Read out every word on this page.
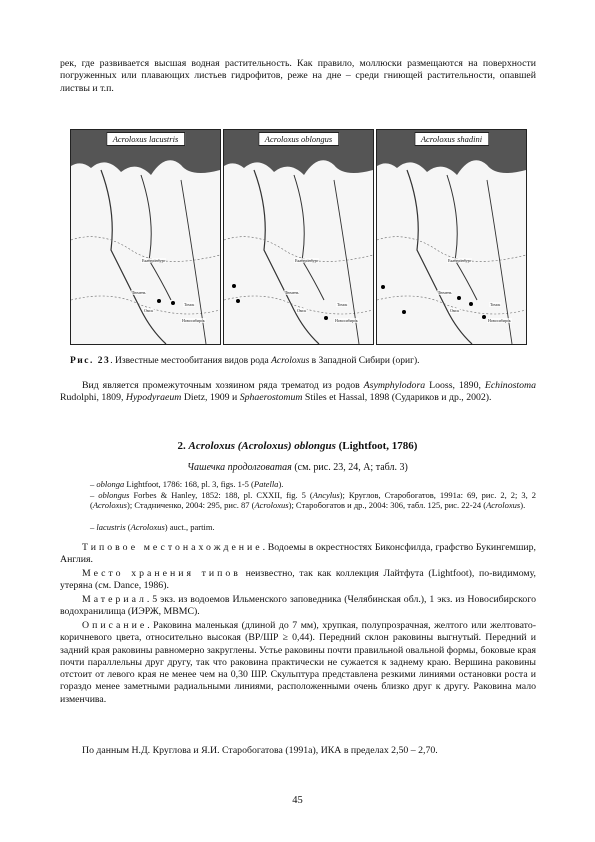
рек, где развивается высшая водная растительность. Как правило, моллюски размещаются на поверхности погруженных или плавающих листьев гидрофитов, реже на дне – среди гниющей растительности, опавшей листвы и т.п.

Acroloxus lacustris
Екатеринбург
Тюмень
Омск
Томск
Новосибирск
Acroloxus oblongus
Екатеринбург
Тюмень
Омск
Томск
Новосибирск
Acroloxus shadini
Екатеринбург
Тюмень
Омск
Томск
Новосибирск

Рис. 23. Известные местообитания видов рода Acroloxus в Западной Сибири (ориг).

Вид является промежуточным хозяином ряда трематод из родов Asymphylodora Looss, 1890, Echinostoma Rudolphi, 1809, Hypodyraeum Dietz, 1909 и Sphaerostomum Stiles et Hassal, 1898 (Судариков и др., 2002).

2. Acroloxus (Acroloxus) oblongus (Lightfoot, 1786)

Чашечка продолговатая (см. рис. 23, 24, А; табл. 3)

– oblonga Lightfoot, 1786: 168, pl. 3, figs. 1-5 (Patella).

– oblongus Forbes & Hanley, 1852: 188, pl. CXXII, fig. 5 (Ancylus); Круглов, Старобогатов, 1991a: 69, рис. 2, 2; 3, 2 (Acroloxus); Стадниченко, 2004: 295, рис. 87 (Acroloxus); Старобогатов и др., 2004: 306, табл. 125, рис. 22-24 (Acroloxus).

– lacustris (Acroloxus) auct., partim.

Типовое местонахождение. Водоемы в окрестностях Биконсфилда, графство Букингемшир, Англия.

Место хранения типов неизвестно, так как коллекция Лайтфута (Lightfoot), по-видимому, утеряна (см. Dance, 1986).

Материал. 5 экз. из водоемов Ильменского заповедника (Челябинская обл.), 1 экз. из Новосибирского водохранилища (ИЭРЖ, МВМС).

Описание. Раковина маленькая (длиной до 7 мм), хрупкая, полупрозрачная, желтого или желтовато-коричневого цвета, относительно высокая (ВР/ШР ≥ 0,44). Передний склон раковины выгнутый. Передний и задний края раковины равномерно закруглены. Устье раковины почти правильной овальной формы, боковые края почти параллельны друг другу, так что раковина практически не сужается к заднему краю. Вершина раковины отстоит от левого края не менее чем на 0,30 ШР. Скульптура представлена резкими линиями остановки роста и гораздо менее заметными радиальными линиями, расположенными очень близко друг к другу. Раковина мало изменчива.

По данным Н.Д. Круглова и Я.И. Старобогатова (1991a), ИКА в пределах 2,50 – 2,70.

45
